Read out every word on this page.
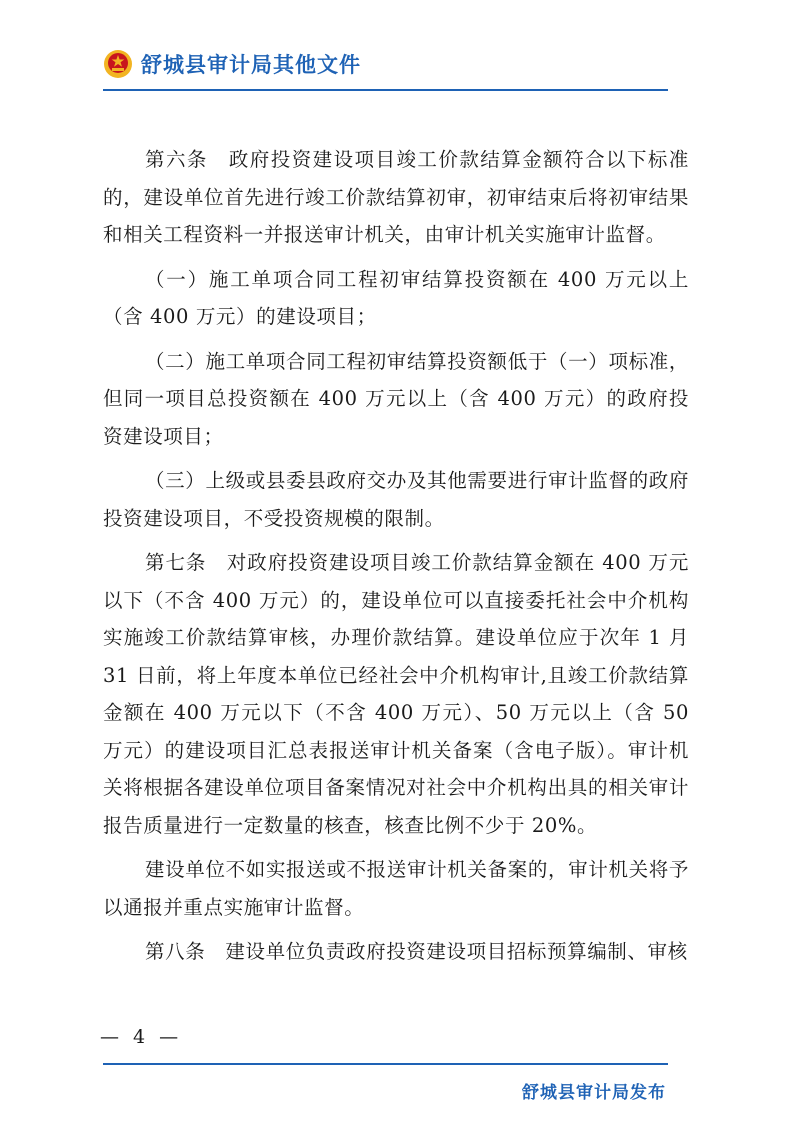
舒城县审计局其他文件

第六条　政府投资建设项目竣工价款结算金额符合以下标准的，建设单位首先进行竣工价款结算初审，初审结束后将初审结果和相关工程资料一并报送审计机关，由审计机关实施审计监督。

（一）施工单项合同工程初审结算投资额在 400 万元以上（含 400 万元）的建设项目；

（二）施工单项合同工程初审结算投资额低于（一）项标准，但同一项目总投资额在 400 万元以上（含 400 万元）的政府投资建设项目；

（三）上级或县委县政府交办及其他需要进行审计监督的政府投资建设项目，不受投资规模的限制。

第七条　对政府投资建设项目竣工价款结算金额在 400 万元以下（不含 400 万元）的，建设单位可以直接委托社会中介机构实施竣工价款结算审核，办理价款结算。建设单位应于次年 1 月 31 日前，将上年度本单位已经社会中介机构审计,且竣工价款结算金额在 400 万元以下（不含 400 万元）、50 万元以上（含 50 万元）的建设项目汇总表报送审计机关备案（含电子版）。审计机关将根据各建设单位项目备案情况对社会中介机构出具的相关审计报告质量进行一定数量的核查，核查比例不少于 20%。

建设单位不如实报送或不报送审计机关备案的，审计机关将予以通报并重点实施审计监督。

第八条　建设单位负责政府投资建设项目招标预算编制、审核

— 4 —
舒城县审计局发布
